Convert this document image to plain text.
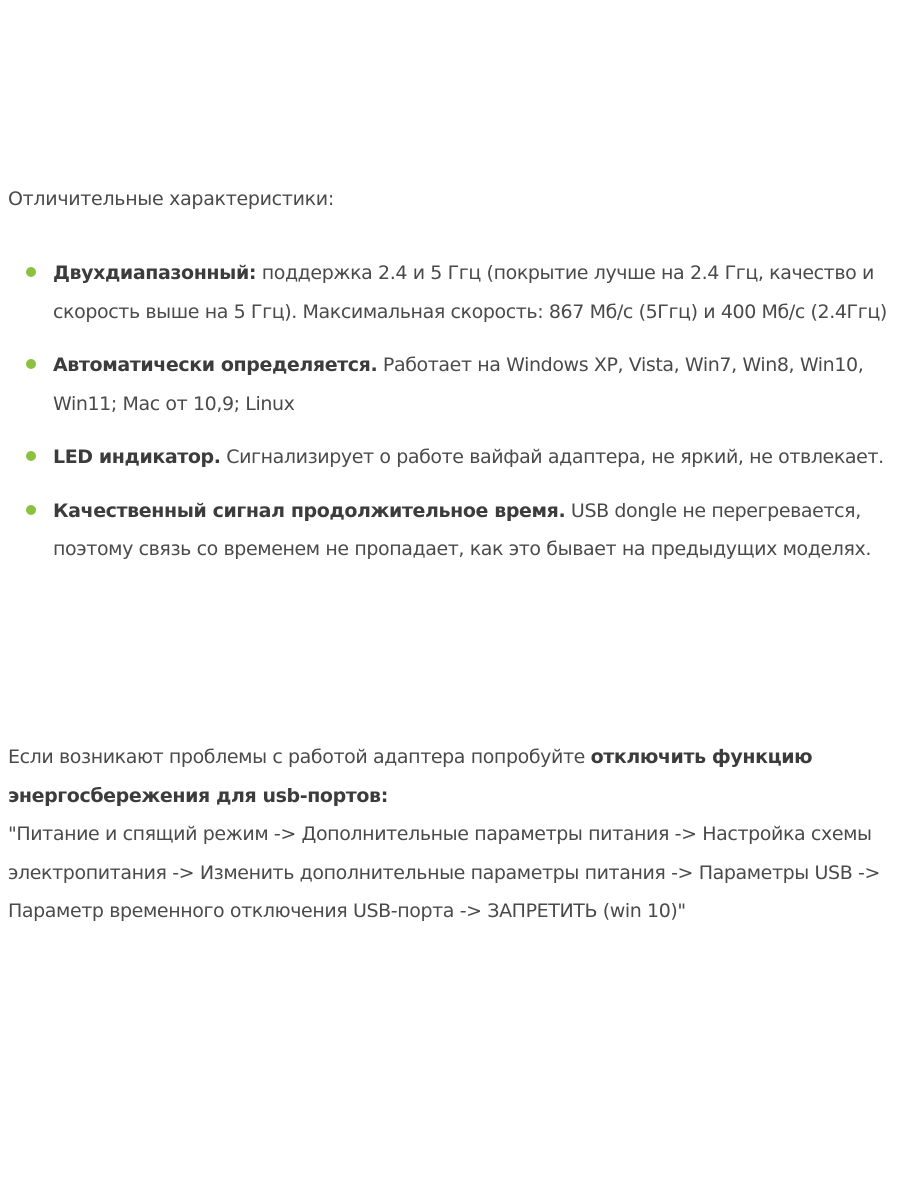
Отличительные характеристики:
Двухдиапазонный: поддержка 2.4 и 5 Ггц (покрытие лучше на 2.4 Ггц, качество и скорость выше на 5 Ггц). Максимальная скорость: 867 Мб/с (5Ггц) и 400 Мб/с (2.4Ггц)
Автоматически определяется. Работает на Windows XP, Vista, Win7, Win8, Win10, Win11; Mac от 10,9; Linux
LED индикатор. Сигнализирует о работе вайфай адаптера, не яркий, не отвлекает.
Качественный сигнал продолжительное время. USB dongle не перегревается, поэтому связь со временем не пропадает, как это бывает на предыдущих моделях.

Если возникают проблемы с работой адаптера попробуйте отключить функцию энергосбережения для usb-портов:

"Питание и спящий режим -> Дополнительные параметры питания -> Настройка схемы электропитания -> Изменить дополнительные параметры питания -> Параметры USB -> Параметр временного отключения USB-порта -> ЗАПРЕТИТЬ (win 10)"
